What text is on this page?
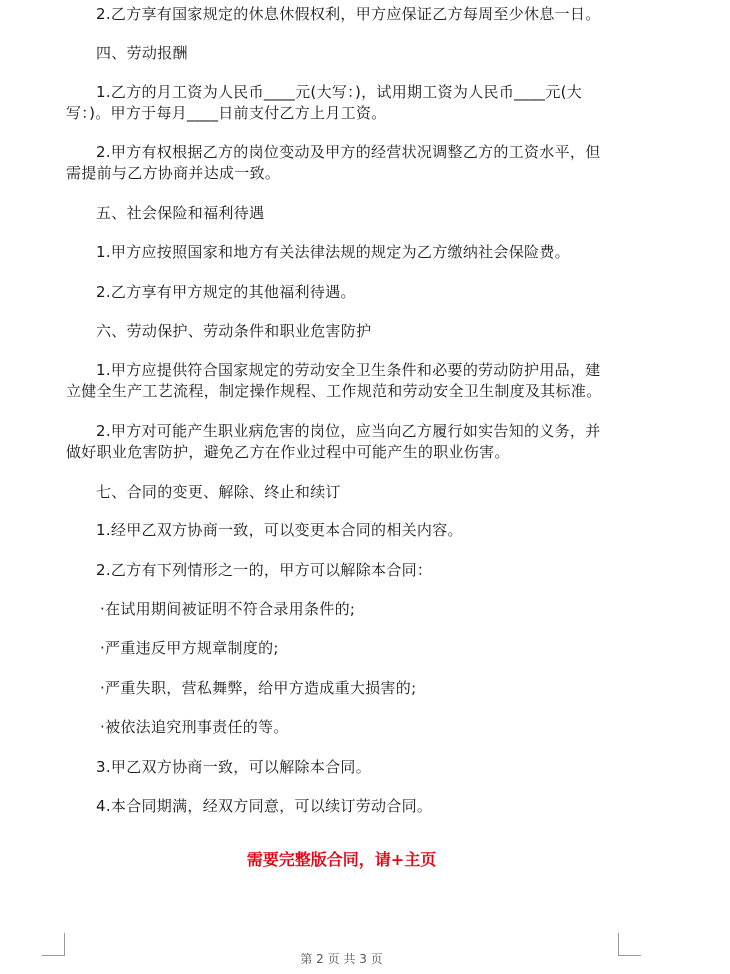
2.乙方享有国家规定的休息休假权利，甲方应保证乙方每周至少休息一日。
四、劳动报酬
1.乙方的月工资为人民币____元(大写：)，试用期工资为人民币____元(大
写：)。甲方于每月____日前支付乙方上月工资。
2.甲方有权根据乙方的岗位变动及甲方的经营状况调整乙方的工资水平，但
需提前与乙方协商并达成一致。
五、社会保险和福利待遇
1.甲方应按照国家和地方有关法律法规的规定为乙方缴纳社会保险费。
2.乙方享有甲方规定的其他福利待遇。
六、劳动保护、劳动条件和职业危害防护
1.甲方应提供符合国家规定的劳动安全卫生条件和必要的劳动防护用品，建
立健全生产工艺流程，制定操作规程、工作规范和劳动安全卫生制度及其标准。
2.甲方对可能产生职业病危害的岗位，应当向乙方履行如实告知的义务，并
做好职业危害防护，避免乙方在作业过程中可能产生的职业伤害。
七、合同的变更、解除、终止和续订
1.经甲乙双方协商一致，可以变更本合同的相关内容。
2.乙方有下列情形之一的，甲方可以解除本合同：
·在试用期间被证明不符合录用条件的;
·严重违反甲方规章制度的;
·严重失职，营私舞弊，给甲方造成重大损害的;
·被依法追究刑事责任的等。
3.甲乙双方协商一致，可以解除本合同。
4.本合同期满，经双方同意，可以续订劳动合同。
需要完整版合同，请+主页
第 2 页 共 3 页
